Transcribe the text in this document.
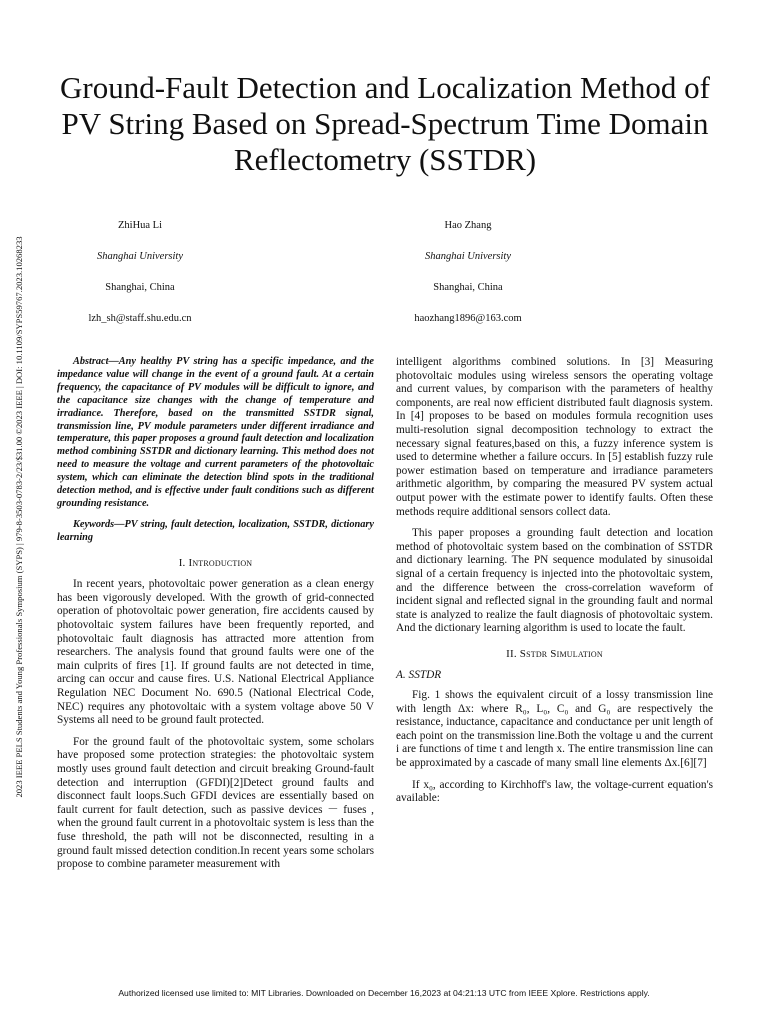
Ground-Fault Detection and Localization Method of PV String Based on Spread-Spectrum Time Domain Reflectometry (SSTDR)
2023 IEEE PELS Students and Young Professionals Symposium (SYPS) | 979-8-3503-0783-2/23/$31.00 ©2023 IEEE | DOI: 10.1109/SYPS59767.2023.10268233
ZhiHua Li
Shanghai University
Shanghai, China
lzh_sh@staff.shu.edu.cn
Hao Zhang
Shanghai University
Shanghai, China
haozhang1896@163.com

Abstract—Any healthy PV string has a specific impedance, and the impedance value will change in the event of a ground fault. At a certain frequency, the capacitance of PV modules will be difficult to ignore, and the capacitance size changes with the change of temperature and irradiance. Therefore, based on the transmitted SSTDR signal, transmission line, PV module parameters under different irradiance and temperature, this paper proposes a ground fault detection and localization method combining SSTDR and dictionary learning. This method does not need to measure the voltage and current parameters of the photovoltaic system, which can eliminate the detection blind spots in the traditional detection method, and is effective under fault conditions such as different grounding resistance.

Keywords—PV string, fault detection, localization, SSTDR, dictionary learning

I. Introduction

In recent years, photovoltaic power generation as a clean energy has been vigorously developed. With the growth of grid-connected operation of photovoltaic power generation, fire accidents caused by photovoltaic system failures have been frequently reported, and photovoltaic fault diagnosis has attracted more attention from researchers. The analysis found that ground faults were one of the main culprits of fires [1]. If ground faults are not detected in time, arcing can occur and cause fires. U.S. National Electrical Appliance Regulation NEC Document No. 690.5 (National Electrical Code, NEC) requires any photovoltaic with a system voltage above 50 V Systems all need to be ground fault protected.

For the ground fault of the photovoltaic system, some scholars have proposed some protection strategies: the photovoltaic system mostly uses ground fault detection and circuit breaking Ground-fault detection and interruption (GFDI)[2]Detect ground faults and disconnect fault loops.Such GFDI devices are essentially based on fault current for fault detection, such as passive devices － fuses , when the ground fault current in a photovoltaic system is less than the fuse threshold, the path will not be disconnected, resulting in a ground fault missed detection condition.In recent years some scholars propose to combine parameter measurement with

intelligent algorithms combined solutions. In [3] Measuring photovoltaic modules using wireless sensors the operating voltage and current values, by comparison with the parameters of healthy components, are real now efficient distributed fault diagnosis system. In [4] proposes to be based on modules formula recognition uses multi-resolution signal decomposition technology to extract the necessary signal features,based on this, a fuzzy inference system is used to determine whether a failure occurs. In [5] establish fuzzy rule power estimation based on temperature and irradiance parameters arithmetic algorithm, by comparing the measured PV system actual output power with the estimate power to identify faults. Often these methods require additional sensors collect data.

This paper proposes a grounding fault detection and location method of photovoltaic system based on the combination of SSTDR and dictionary learning. The PN sequence modulated by sinusoidal signal of a certain frequency is injected into the photovoltaic system, and the difference between the cross-correlation waveform of incident signal and reflected signal in the grounding fault and normal state is analyzed to realize the fault diagnosis of photovoltaic system. And the dictionary learning algorithm is used to locate the fault.

II. Sstdr Simulation

A. SSTDR

Fig. 1 shows the equivalent circuit of a lossy transmission line with length Δx: where R₀, L₀, C₀ and G₀ are respectively the resistance, inductance, capacitance and conductance per unit length of each point on the transmission line.Both the voltage u and the current i are functions of time t and length x. The entire transmission line can be approximated by a cascade of many small line elements Δx.[6][7]

If x₀, according to Kirchhoff's law, the voltage-current equation's available:

Authorized licensed use limited to: MIT Libraries. Downloaded on December 16,2023 at 04:21:13 UTC from IEEE Xplore. Restrictions apply.
